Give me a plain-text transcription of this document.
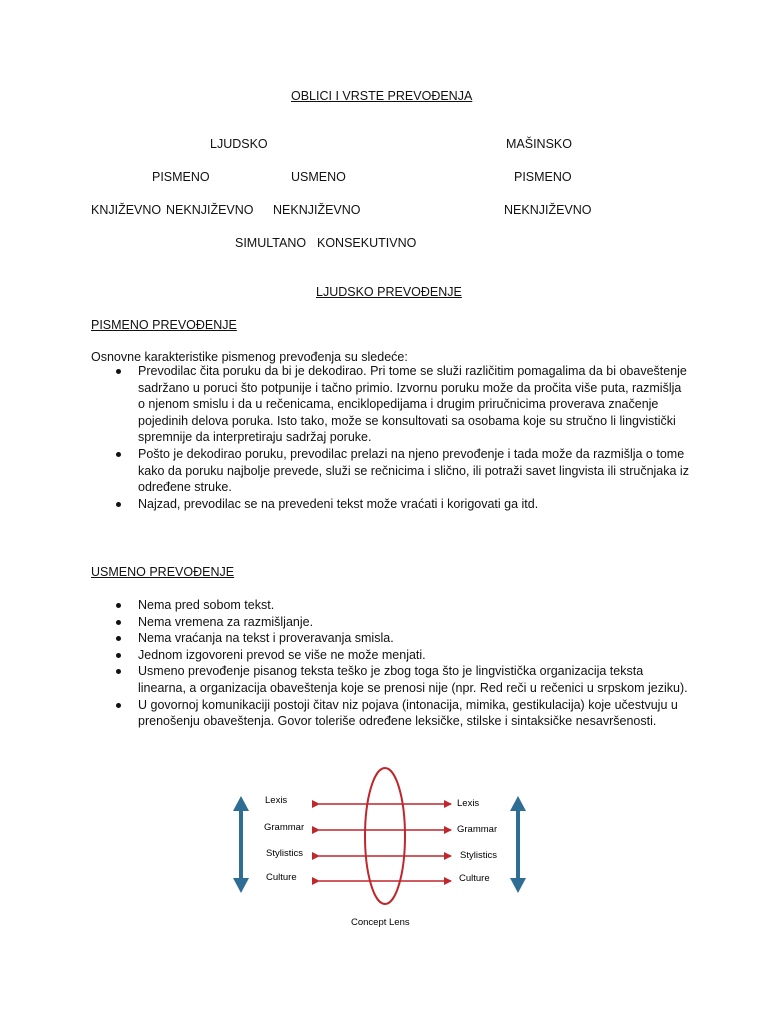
OBLICI I VRSTE PREVOĐENJA
LJUDSKO	MAŠINSKO
PISMENO	USMENO	PISMENO
KNJIŽEVNO NEKNJIŽEVNO NEKNJIŽEVNO	NEKNJIŽEVNO
SIMULTANO KONSEKUTIVNO
LJUDSKO PREVOĐENJE
PISMENO PREVOĐENJE
Osnovne karakteristike pismenog prevođenja su sledeće:
Prevodilac čita poruku da bi je dekodirao. Pri tome se služi različitim pomagalima da bi obaveštenje sadržano u poruci što potpunije i tačno primio. Izvornu poruku može da pročita više puta, razmišlja o njenom smislu i da u rečenicama, enciklopedijama i drugim priručnicima proverava značenje pojedinih delova poruka. Isto tako, može se konsultovati sa osobama koje su stručno li lingvistički spremnije da interpretiraju sadržaj poruke.
Pošto je dekodirao poruku, prevodilac prelazi na njeno prevođenje i tada može da razmišlja o tome kako da poruku najbolje prevede, služi se rečnicima i slično, ili potraži savet lingvista ili stručnjaka iz određene struke.
Najzad, prevodilac se na prevedeni tekst može vraćati i korigovati ga itd.
USMENO PREVOĐENJE
Nema pred sobom tekst.
Nema vremena za razmišljanje.
Nema vraćanja na tekst i proveravanja smisla.
Jednom izgovoreni prevod se više ne može menjati.
Usmeno prevođenje pisanog teksta teško je zbog toga što je lingvistička organizacija teksta linearna, a organizacija obaveštenja koje se prenosi nije (npr. Red reči u rečenici u srpskom jeziku).
U govornoj komunikaciji postoji čitav niz pojava (intonacija, mimika, gestikulacija) koje učestvuju u prenošenju obaveštenja. Govor toleriše određene leksičke, stilske i sintaksičke nesavršenosti.
Lexis
Grammar
Stylistics
Culture
Lexis
Grammar
Stylistics
Culture
Concept Lens
